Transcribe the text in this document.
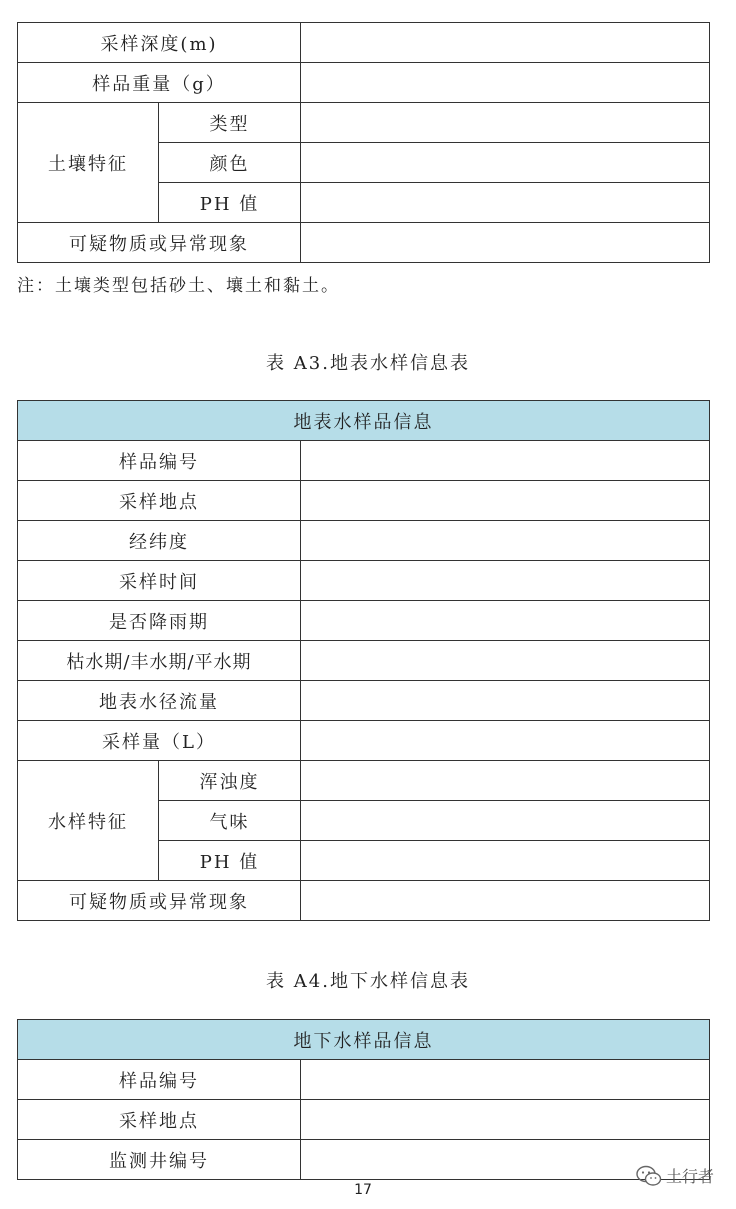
采样深度(m)		
样品重量（g）		
土壤特征	类型	
	颜色	
	PH 值	
可疑物质或异常现象		
注：土壤类型包括砂土、壤土和黏土。
表 A3.地表水样信息表
地表水样品信息		
样品编号		
采样地点		
经纬度		
采样时间		
是否降雨期		
枯水期/丰水期/平水期		
地表水径流量		
采样量（L）		
水样特征	浑浊度	
	气味	
	PH 值	
可疑物质或异常现象		
表 A4.地下水样信息表
地下水样品信息	
样品编号	
采样地点	
监测井编号	
17
土行者
